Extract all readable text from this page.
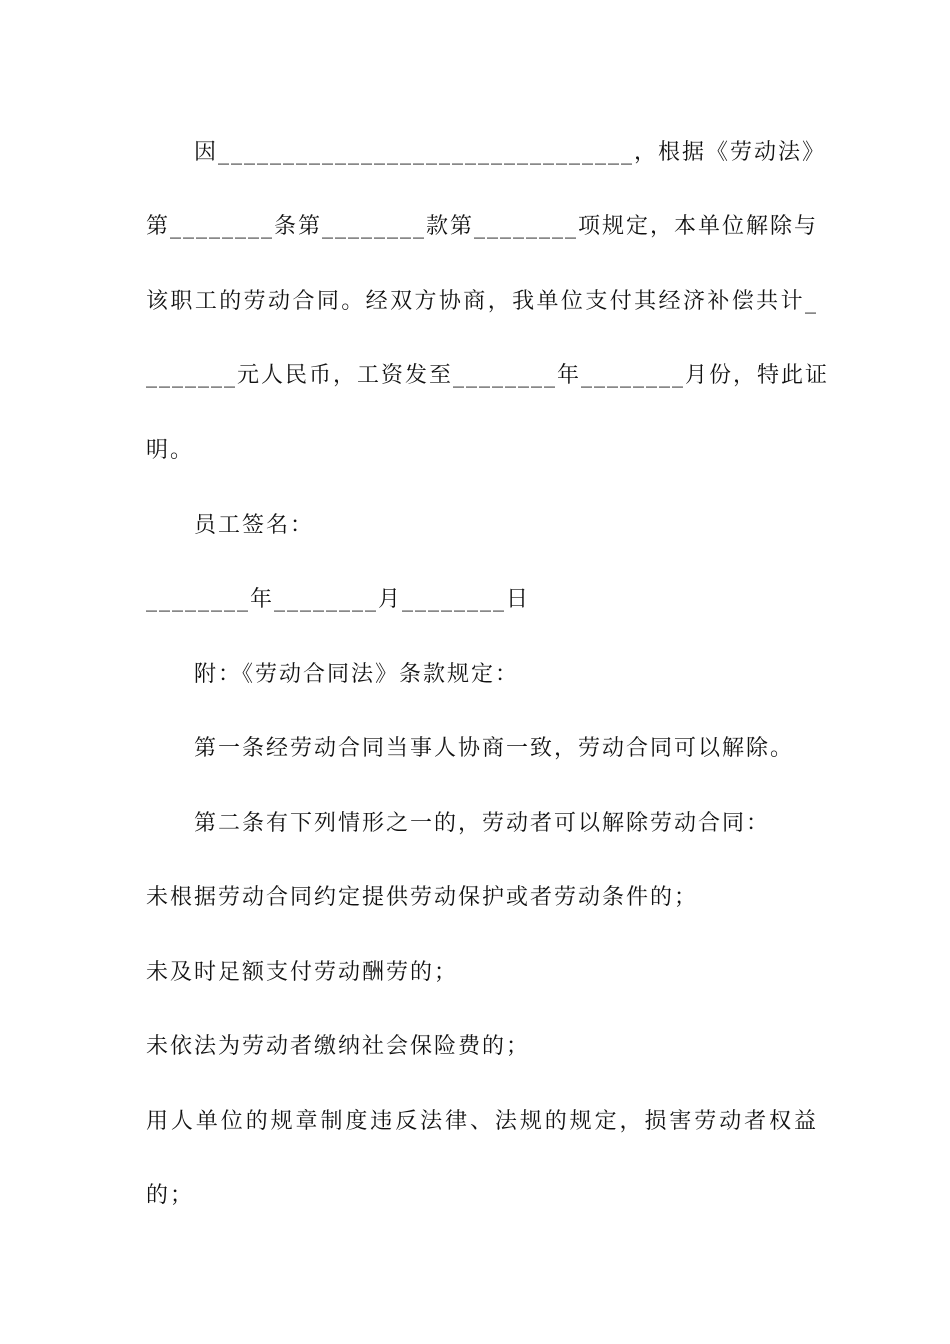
因________________________________，根据《劳动法》
第________条第________款第________项规定，本单位解除与
该职工的劳动合同。经双方协商，我单位支付其经济补偿共计_
_______元人民币，工资发至________年________月份，特此证
明。
员工签名：
________年________月________日
附：《劳动合同法》条款规定：
第一条经劳动合同当事人协商一致，劳动合同可以解除。
第二条有下列情形之一的，劳动者可以解除劳动合同：
未根据劳动合同约定提供劳动保护或者劳动条件的；
未及时足额支付劳动酬劳的；
未依法为劳动者缴纳社会保险费的；
用人单位的规章制度违反法律、法规的规定，损害劳动者权益
的；
